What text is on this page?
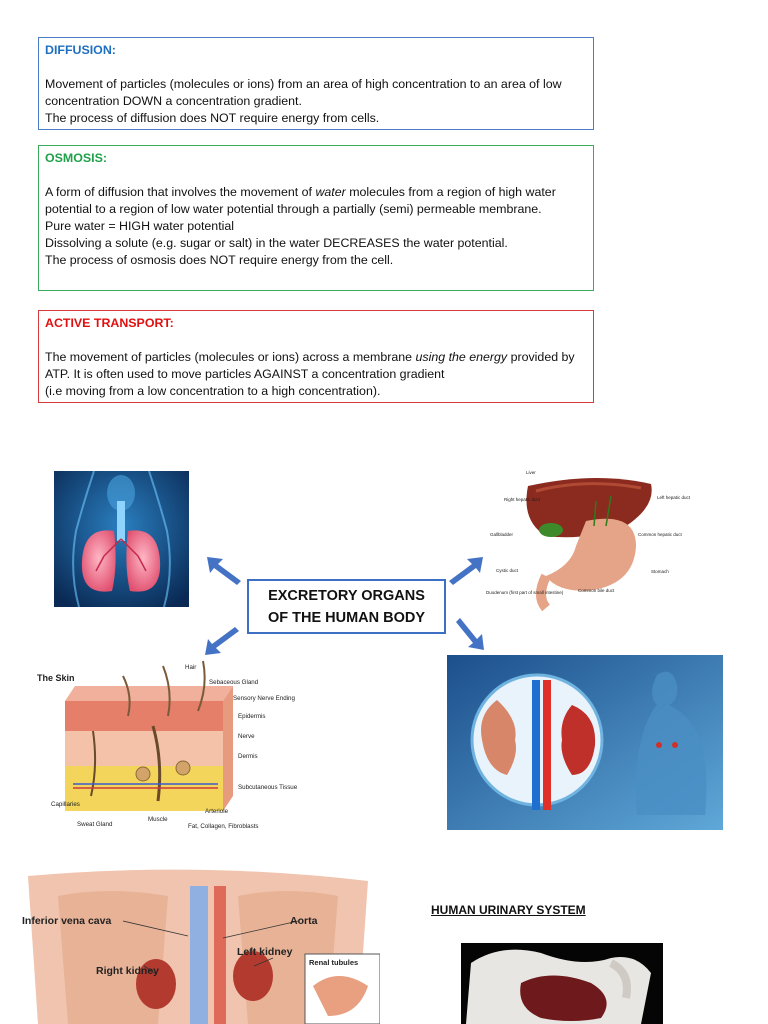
DIFFUSION:

Movement of particles (molecules or ions) from an area of high concentration to an area of low concentration DOWN a concentration gradient.

The process of diffusion does NOT require energy from cells.

OSMOSIS:

A form of diffusion that involves the movement of water molecules from a region of high water potential to a region of low water potential through a partially (semi) permeable membrane.

Pure water = HIGH water potential

Dissolving a solute (e.g. sugar or salt) in the water DECREASES the water potential.

The process of osmosis does NOT require energy from the cell.

ACTIVE TRANSPORT:

The movement of particles (molecules or ions) across a membrane using the energy provided by ATP. It is often used to move particles AGAINST a concentration gradient

(i.e moving from a low concentration to a high concentration).

Liver
Right hepatic duct	Left hepatic duct
Gallbladder	Common hepatic duct
Cystic duct	Stomach
Duodenum (first part of small intestine)	Common bile duct
EXCRETORY ORGANS
OF THE HUMAN BODY
The Skin
Hair
Sebaceous Gland
Sensory Nerve Ending
Epidermis
Nerve
Dermis
Subcutaneous Tissue
Capillaries
Arteriole
Sweat Gland
Muscle
Fat, Collagen, Fibroblasts
Inferior vena cava	Aorta
Left kidney
Right kidney
Renal tubules
HUMAN URINARY SYSTEM
